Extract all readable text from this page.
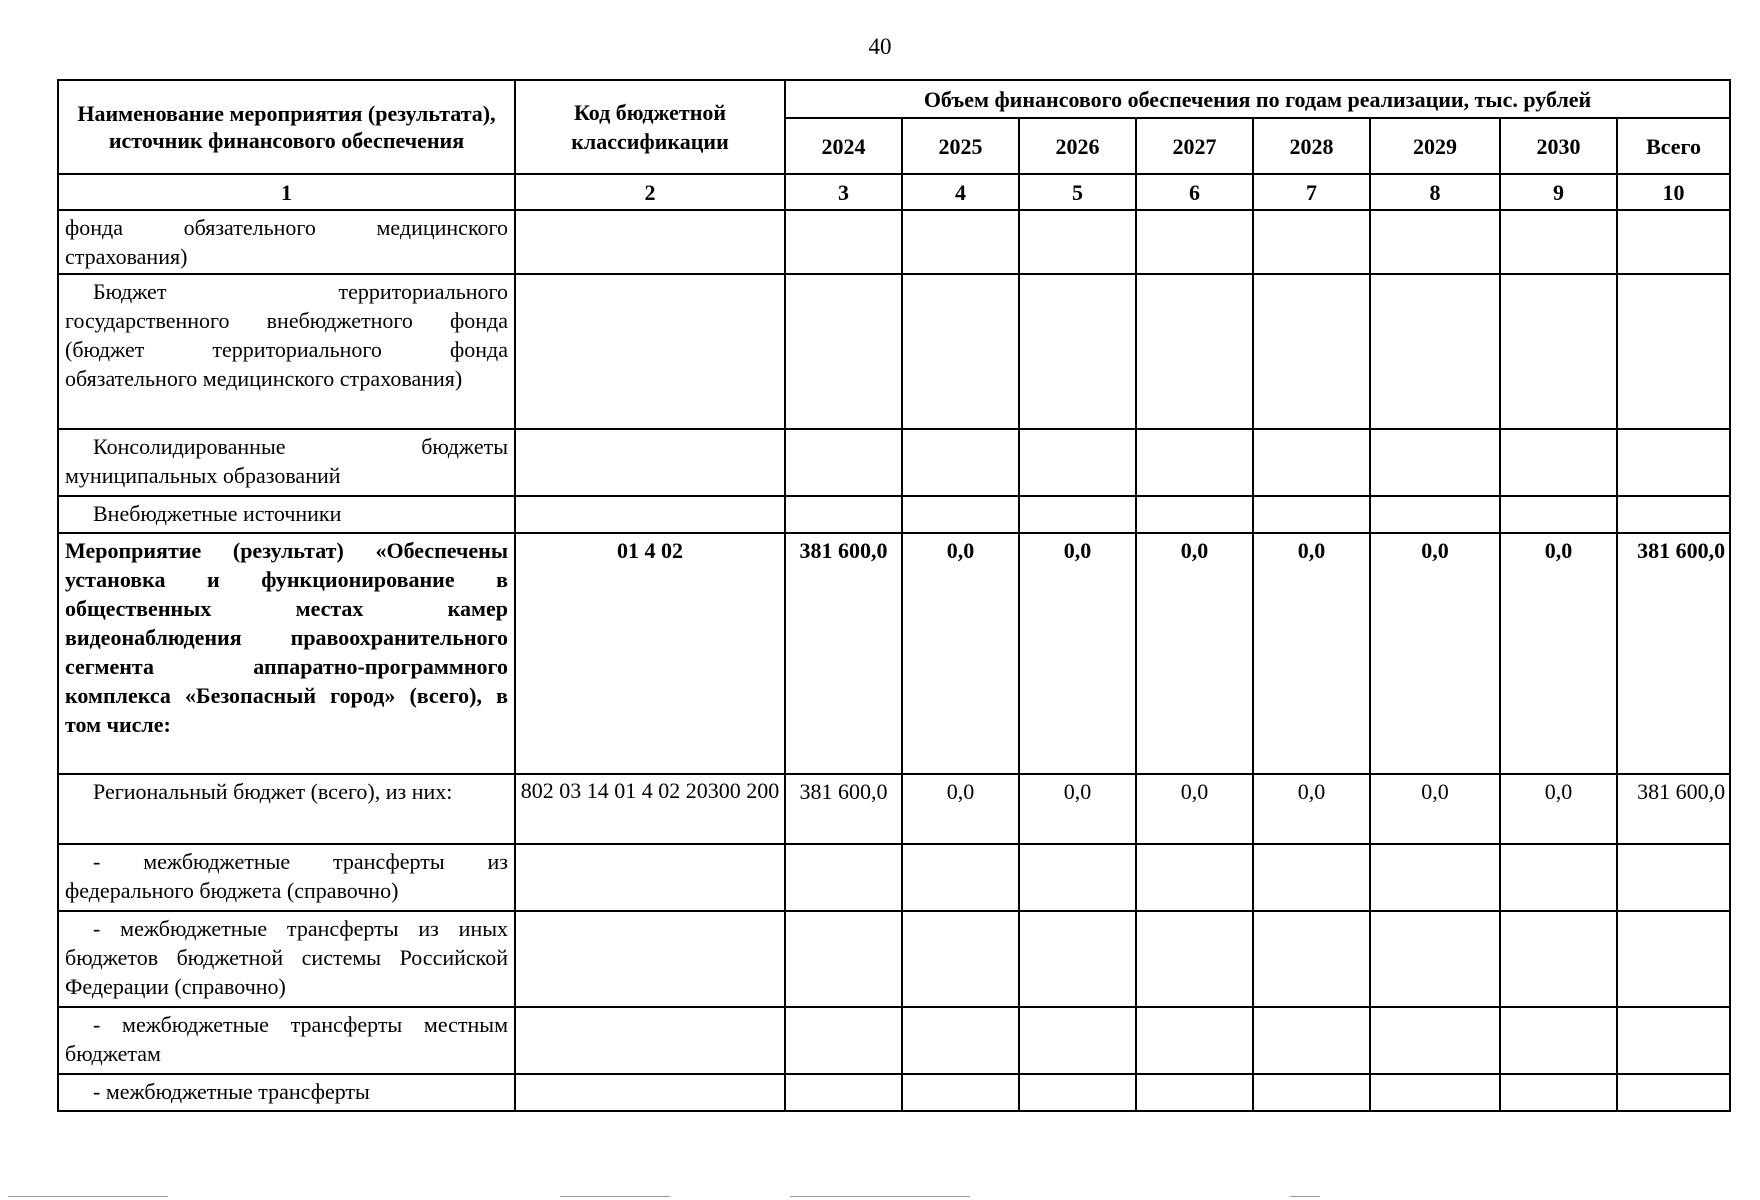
40
Наименование мероприятия (результата), источник финансового обеспечения	Код бюджетной классификации	Объем финансового обеспечения по годам реализации, тыс. рублей							
		2024	2025	2026	2027	2028	2029	2030	Всего
1	2	3	4	5	6	7	8	9	10
фонда обязательного медицинского страхования)									
Бюджет территориального государственного внебюджетного фонда (бюджет территориального фонда обязательного медицинского страхования)									
Консолидированные бюджеты муниципальных образований									
Внебюджетные источники									
Мероприятие (результат) «Обеспечены установка и функционирование в общественных местах камер видеонаблюдения правоохранительного сегмента аппаратно-программного комплекса «Безопасный город» (всего), в том числе:	01 4 02	381 600,0	0,0	0,0	0,0	0,0	0,0	0,0	381 600,0
Региональный бюджет (всего), из них:	802 03 14 01 4 02 20300 200	381 600,0	0,0	0,0	0,0	0,0	0,0	0,0	381 600,0
- межбюджетные трансферты из федерального бюджета (справочно)									
- межбюджетные трансферты из иных бюджетов бюджетной системы Российской Федерации (справочно)									
- межбюджетные трансферты местным бюджетам									
- межбюджетные трансферты									
